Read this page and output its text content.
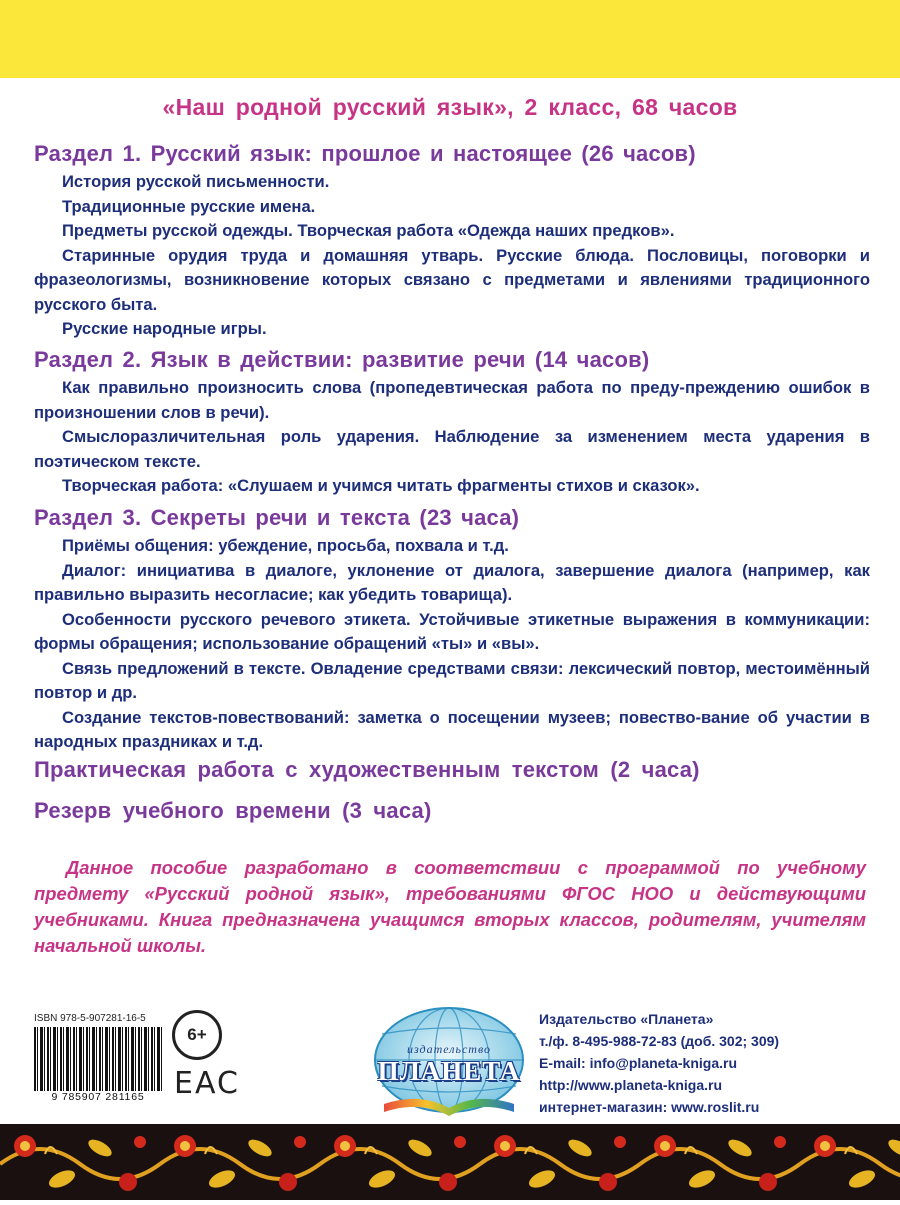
«Наш родной русский язык», 2 класс, 68 часов
Раздел 1. Русский язык: прошлое и настоящее (26 часов)
История русской письменности.
Традиционные русские имена.
Предметы русской одежды. Творческая работа «Одежда наших предков».
Старинные орудия труда и домашняя утварь. Русские блюда. Пословицы, поговорки и фразеологизмы, возникновение которых связано с предметами и явлениями традиционного русского быта.
Русские народные игры.
Раздел 2. Язык в действии: развитие речи (14 часов)
Как правильно произносить слова (пропедевтическая работа по преду-преждению ошибок в произношении слов в речи).
Смыслоразличительная роль ударения. Наблюдение за изменением места ударения в поэтическом тексте.
Творческая работа: «Слушаем и учимся читать фрагменты стихов и сказок».
Раздел 3. Секреты речи и текста (23 часа)
Приёмы общения: убеждение, просьба, похвала и т.д.
Диалог: инициатива в диалоге, уклонение от диалога, завершение диалога (например, как правильно выразить несогласие; как убедить товарища).
Особенности русского речевого этикета. Устойчивые этикетные выражения в коммуникации: формы обращения; использование обращений «ты» и «вы».
Связь предложений в тексте. Овладение средствами связи: лексический повтор, местоимённый повтор и др.
Создание текстов-повествований: заметка о посещении музеев; повество-вание об участии в народных праздниках и т.д.
Практическая работа с художественным текстом (2 часа)
Резерв учебного времени (3 часа)
Данное пособие разработано в соответствии с программой по учебному предмету «Русский родной язык», требованиями ФГОС НОО и действующими учебниками. Книга предназначена учащимся вторых классов, родителям, учителям начальной школы.
ISBN 978-5-907281-16-5
9 785907 281165
6+
EAC
издательство
ПЛАНЕТА
Издательство «Планета»
т./ф. 8-495-988-72-83 (доб. 302; 309)
E-mail: info@planeta-kniga.ru
http://www.planeta-kniga.ru
интернет-магазин: www.roslit.ru
